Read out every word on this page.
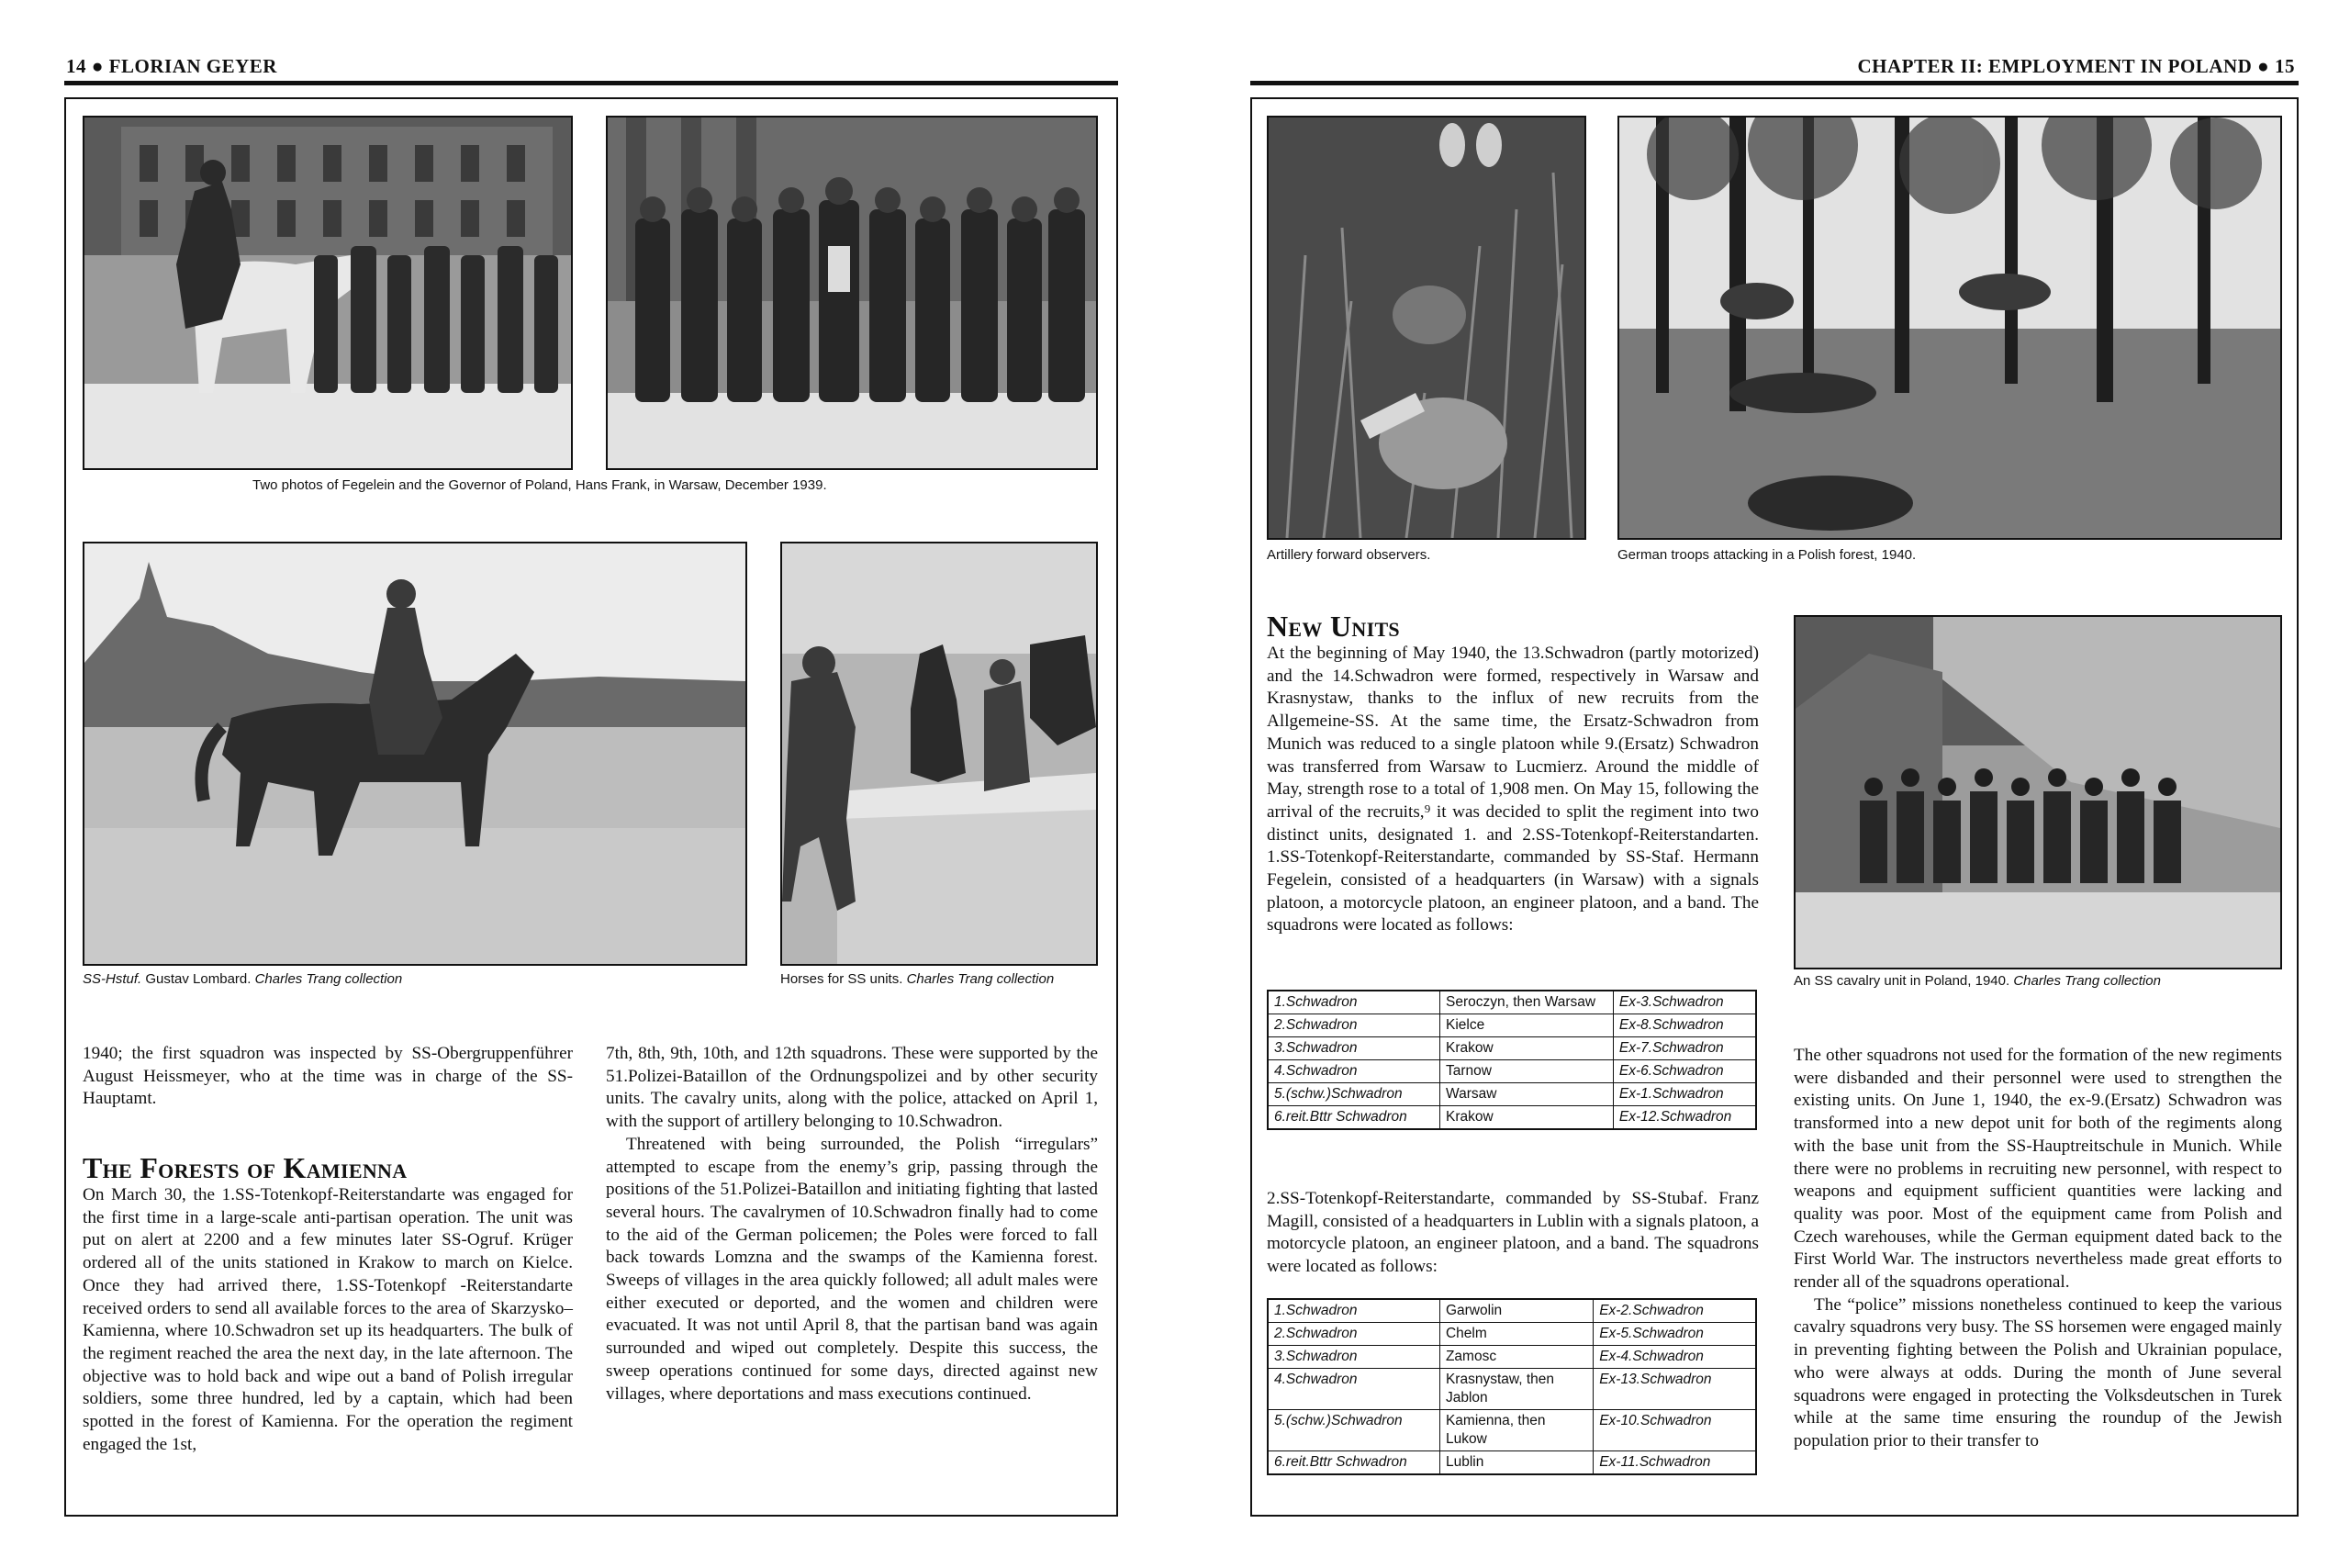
14 ● FLORIAN GEYER
Two photos of Fegelein and the Governor of Poland, Hans Frank, in Warsaw, December 1939.
SS-Hstuf. Gustav Lombard. Charles Trang collection	Horses for SS units. Charles Trang collection
1940; the first squadron was inspected by SS-Obergruppenführer August Heissmeyer, who at the time was in charge of the SS-Hauptamt.
The Forests of Kamienna
On March 30, the 1.SS-Totenkopf-Reiterstandarte was engaged for the first time in a large-scale anti-partisan operation. The unit was put on alert at 2200 and a few minutes later SS-Ogruf. Krüger ordered all of the units stationed in Krakow to march on Kielce. Once they had arrived there, 1.SS-Totenkopf -Reiterstandarte received orders to send all available forces to the area of Skarzysko–Kamienna, where 10.Schwadron set up its headquarters. The bulk of the regiment reached the area the next day, in the late afternoon. The objective was to hold back and wipe out a band of Polish irregular soldiers, some three hundred, led by a captain, which had been spotted in the forest of Kamienna. For the operation the regiment engaged the 1st,

7th, 8th, 9th, 10th, and 12th squadrons. These were supported by the 51.Polizei-Bataillon of the Ordnungspolizei and by other security units. The cavalry units, along with the police, attacked on April 1, with the support of artillery belonging to 10.Schwadron.

Threatened with being surrounded, the Polish “irregulars” attempted to escape from the enemy’s grip, passing through the positions of the 51.Polizei-Bataillon and initiating fighting that lasted several hours. The cavalrymen of 10.Schwadron finally had to come to the aid of the German policemen; the Poles were forced to fall back towards Lomzna and the swamps of the Kamienna forest. Sweeps of villages in the area quickly followed; all adult males were either executed or deported, and the women and children were evacuated. It was not until April 8, that the partisan band was again surrounded and wiped out completely. Despite this success, the sweep operations continued for some days, directed against new villages, where deportations and mass executions continued.

CHAPTER II: EMPLOYMENT IN POLAND ● 15
Artillery forward observers.	German troops attacking in a Polish forest, 1940.
An SS cavalry unit in Poland, 1940. Charles Trang collection
New Units
At the beginning of May 1940, the 13.Schwadron (partly motorized) and the 14.Schwadron were formed, respectively in Warsaw and Krasnystaw, thanks to the influx of new recruits from the Allgemeine-SS. At the same time, the Ersatz-Schwadron from Munich was reduced to a single platoon while 9.(Ersatz) Schwadron was transferred from Warsaw to Lucmierz. Around the middle of May, strength rose to a total of 1,908 men. On May 15, following the arrival of the recruits,⁹ it was decided to split the regiment into two distinct units, designated 1. and 2.SS-Totenkopf-Reiterstandarten. 1.SS-Totenkopf-Reiterstandarte, commanded by SS-Staf. Hermann Fegelein, consisted of a headquarters (in Warsaw) with a signals platoon, a motorcycle platoon, an engineer platoon, and a band. The squadrons were located as follows:
1.Schwadron	Seroczyn, then Warsaw	Ex-3.Schwadron
2.Schwadron	Kielce	Ex-8.Schwadron
3.Schwadron	Krakow	Ex-7.Schwadron
4.Schwadron	Tarnow	Ex-6.Schwadron
5.(schw.)Schwadron	Warsaw	Ex-1.Schwadron
6.reit.Bttr Schwadron	Krakow	Ex-12.Schwadron
2.SS-Totenkopf-Reiterstandarte, commanded by SS-Stubaf. Franz Magill, consisted of a headquarters in Lublin with a signals platoon, a motorcycle platoon, an engineer platoon, and a band. The squadrons were located as follows:
1.Schwadron	Garwolin	Ex-2.Schwadron
2.Schwadron	Chelm	Ex-5.Schwadron
3.Schwadron	Zamosc	Ex-4.Schwadron
4.Schwadron	Krasnystaw, then Jablon	Ex-13.Schwadron
5.(schw.)Schwadron	Kamienna, then Lukow	Ex-10.Schwadron
6.reit.Bttr Schwadron	Lublin	Ex-11.Schwadron

The other squadrons not used for the formation of the new regiments were disbanded and their personnel were used to strengthen the existing units. On June 1, 1940, the ex-9.(Ersatz) Schwadron was transformed into a new depot unit for both of the regiments along with the base unit from the SS-Hauptreitschule in Munich. While there were no problems in recruiting new personnel, with respect to weapons and equipment sufficient quantities were lacking and quality was poor. Most of the equipment came from Polish and Czech warehouses, while the German equipment dated back to the First World War. The instructors nevertheless made great efforts to render all of the squadrons operational.

The “police” missions nonetheless continued to keep the various cavalry squadrons very busy. The SS horsemen were engaged mainly in preventing fighting between the Polish and Ukrainian populace, who were always at odds. During the month of June several squadrons were engaged in protecting the Volksdeutschen in Turek while at the same time ensuring the roundup of the Jewish population prior to their transfer to
